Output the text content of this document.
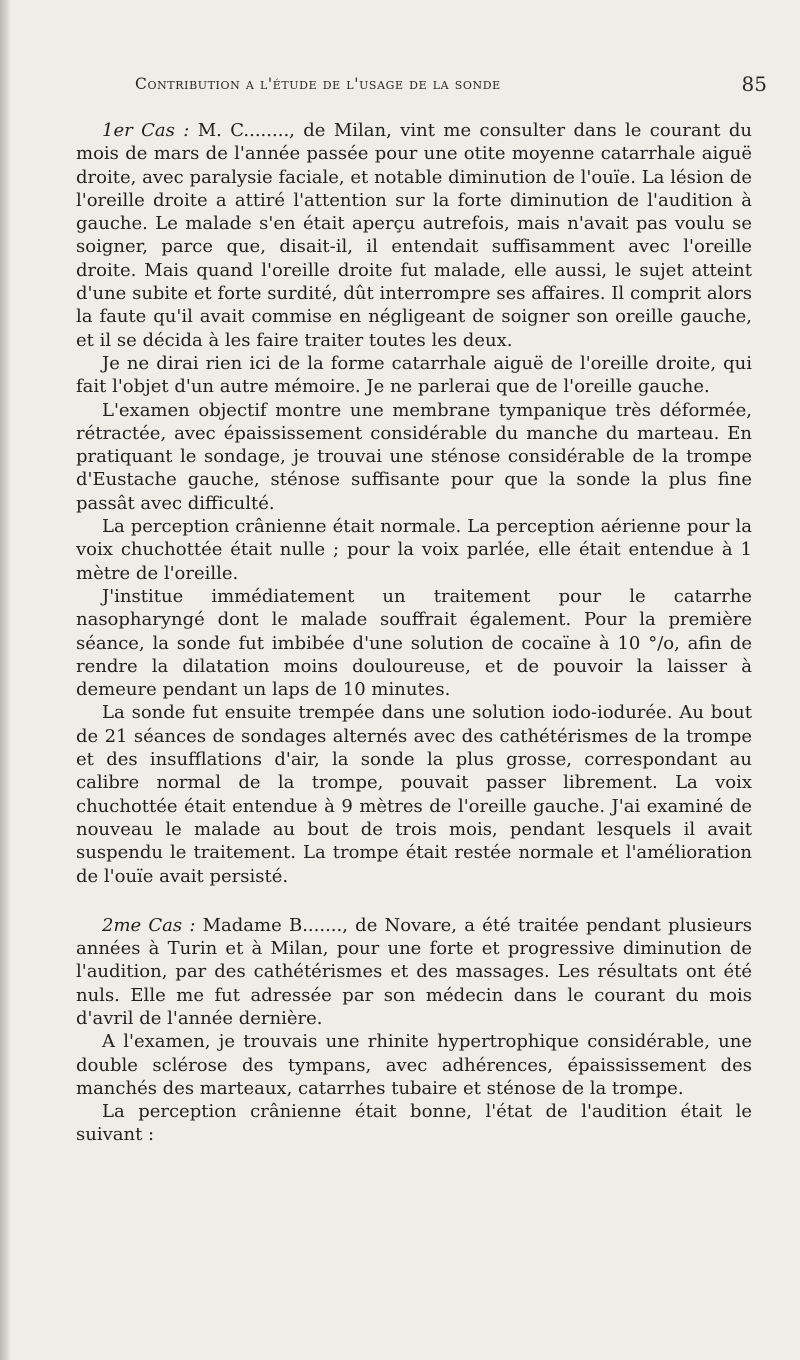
Contribution a l'étude de l'usage de la sonde	85

1er Cas : M. C........, de Milan, vint me consulter dans le courant du mois de mars de l'année passée pour une otite moyenne catarrhale aiguë droite, avec paralysie faciale, et notable diminution de l'ouïe. La lésion de l'oreille droite a attiré l'attention sur la forte diminution de l'audition à gauche. Le malade s'en était aperçu autrefois, mais n'avait pas voulu se soigner, parce que, disait-il, il entendait suffisamment avec l'oreille droite. Mais quand l'oreille droite fut malade, elle aussi, le sujet atteint d'une subite et forte surdité, dût interrompre ses affaires. Il comprit alors la faute qu'il avait commise en négligeant de soigner son oreille gauche, et il se décida à les faire traiter toutes les deux.

Je ne dirai rien ici de la forme catarrhale aiguë de l'oreille droite, qui fait l'objet d'un autre mémoire. Je ne parlerai que de l'oreille gauche.

L'examen objectif montre une membrane tympanique très déformée, rétractée, avec épaississement considérable du manche du marteau. En pratiquant le sondage, je trouvai une sténose considérable de la trompe d'Eustache gauche, sténose suffisante pour que la sonde la plus fine passât avec difficulté.

La perception crânienne était normale. La perception aérienne pour la voix chuchottée était nulle ; pour la voix parlée, elle était entendue à 1 mètre de l'oreille.

J'institue immédiatement un traitement pour le catarrhe nasopharyngé dont le malade souffrait également. Pour la première séance, la sonde fut imbibée d'une solution de cocaïne à 10 °/o, afin de rendre la dilatation moins douloureuse, et de pouvoir la laisser à demeure pendant un laps de 10 minutes.

La sonde fut ensuite trempée dans une solution iodo-iodurée. Au bout de 21 séances de sondages alternés avec des cathétérismes de la trompe et des insufflations d'air, la sonde la plus grosse, correspondant au calibre normal de la trompe, pouvait passer librement. La voix chuchottée était entendue à 9 mètres de l'oreille gauche. J'ai examiné de nouveau le malade au bout de trois mois, pendant lesquels il avait suspendu le traitement. La trompe était restée normale et l'amélioration de l'ouïe avait persisté.

2me Cas : Madame B......., de Novare, a été traitée pendant plusieurs années à Turin et à Milan, pour une forte et progressive diminution de l'audition, par des cathétérismes et des massages. Les résultats ont été nuls. Elle me fut adressée par son médecin dans le courant du mois d'avril de l'année dernière.

A l'examen, je trouvais une rhinite hypertrophique considérable, une double sclérose des tympans, avec adhérences, épaississement des manchés des marteaux, catarrhes tubaire et sténose de la trompe.

La perception crânienne était bonne, l'état de l'audition était le suivant :
